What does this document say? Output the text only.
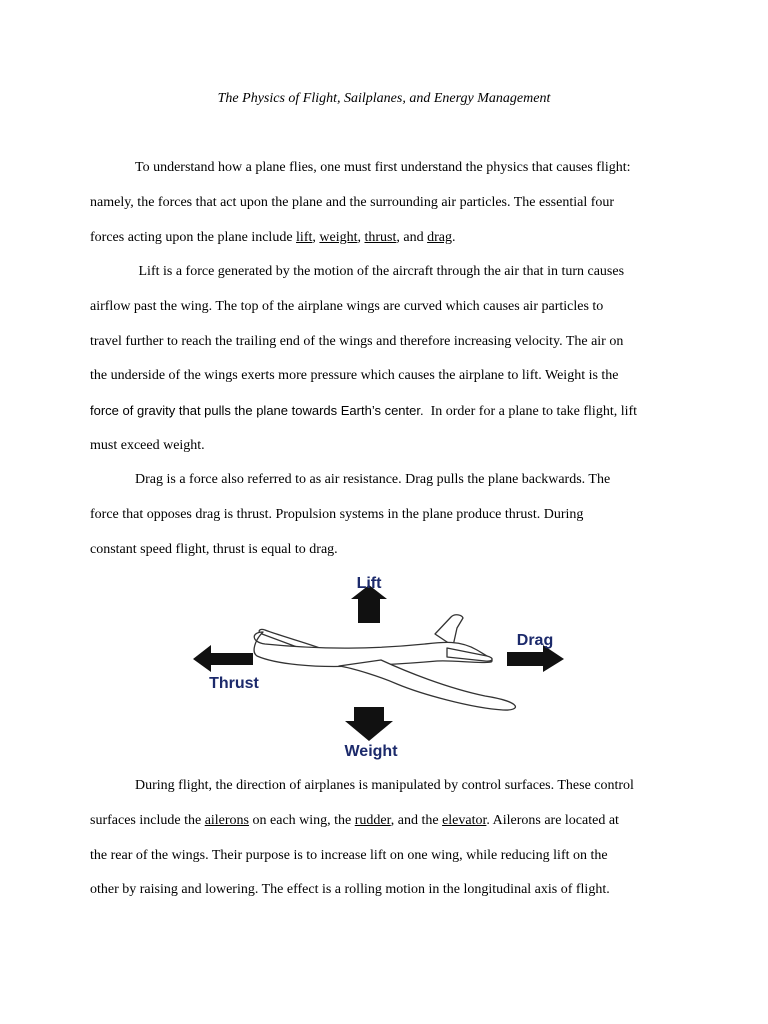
The Physics of Flight, Sailplanes, and Energy Management
To understand how a plane flies, one must first understand the physics that causes flight:
namely, the forces that act upon the plane and the surrounding air particles. The essential four
forces acting upon the plane include lift, weight, thrust, and drag.
Lift is a force generated by the motion of the aircraft through the air that in turn causes
airflow past the wing. The top of the airplane wings are curved which causes air particles to
travel further to reach the trailing end of the wings and therefore increasing velocity. The air on
the underside of the wings exerts more pressure which causes the airplane to lift. Weight is the
force of gravity that pulls the plane towards Earth’s center.  In order for a plane to take flight, lift
must exceed weight.
Drag is a force also referred to as air resistance. Drag pulls the plane backwards. The
force that opposes drag is thrust. Propulsion systems in the plane produce thrust. During
constant speed flight, thrust is equal to drag.
Lift
Drag
Thrust
Weight
During flight, the direction of airplanes is manipulated by control surfaces. These control
surfaces include the ailerons on each wing, the rudder, and the elevator. Ailerons are located at
the rear of the wings. Their purpose is to increase lift on one wing, while reducing lift on the
other by raising and lowering. The effect is a rolling motion in the longitudinal axis of flight.
